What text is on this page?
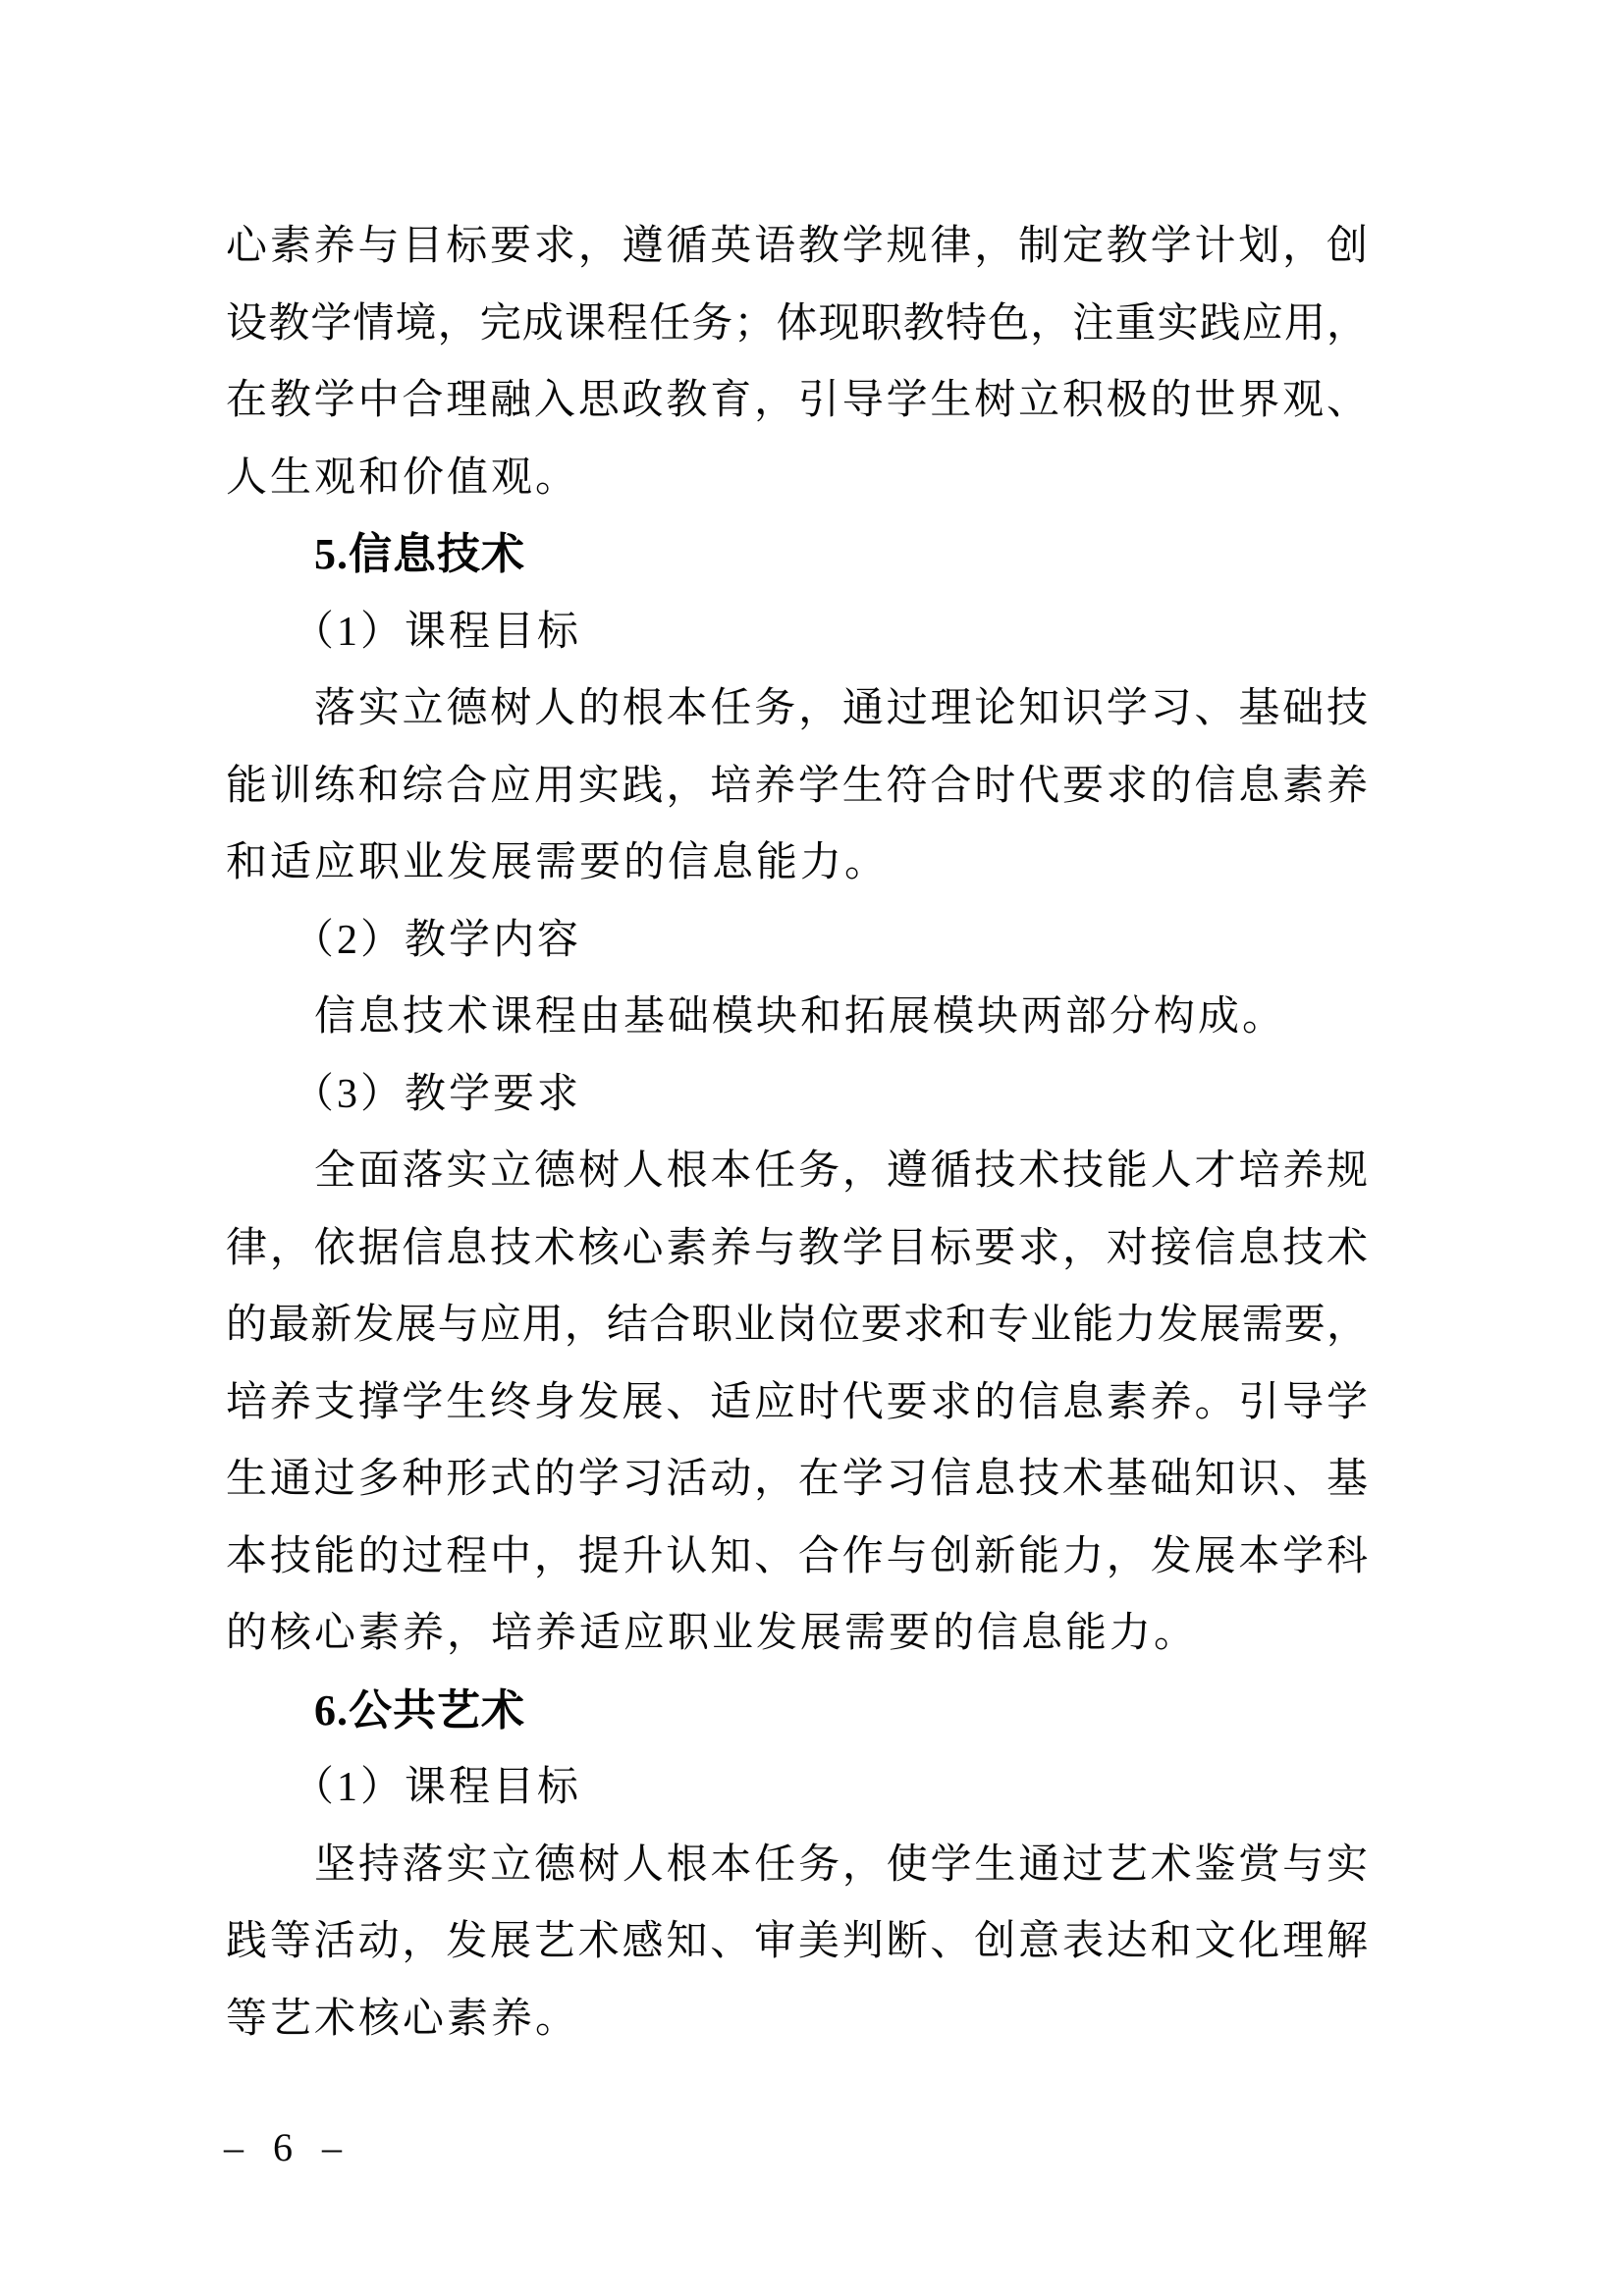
心素养与目标要求，遵循英语教学规律，制定教学计划，创
设教学情境，完成课程任务；体现职教特色，注重实践应用，
在教学中合理融入思政教育，引导学生树立积极的世界观、
人生观和价值观。
5.信息技术
（1）课程目标
落实立德树人的根本任务，通过理论知识学习、基础技
能训练和综合应用实践，培养学生符合时代要求的信息素养
和适应职业发展需要的信息能力。
（2）教学内容
信息技术课程由基础模块和拓展模块两部分构成。
（3）教学要求
全面落实立德树人根本任务，遵循技术技能人才培养规
律，依据信息技术核心素养与教学目标要求，对接信息技术
的最新发展与应用，结合职业岗位要求和专业能力发展需要，
培养支撑学生终身发展、适应时代要求的信息素养。引导学
生通过多种形式的学习活动，在学习信息技术基础知识、基
本技能的过程中，提升认知、合作与创新能力，发展本学科
的核心素养，培养适应职业发展需要的信息能力。
6.公共艺术
（1）课程目标
坚持落实立德树人根本任务，使学生通过艺术鉴赏与实
践等活动，发展艺术感知、审美判断、创意表达和文化理解
等艺术核心素养。
– 6 –
